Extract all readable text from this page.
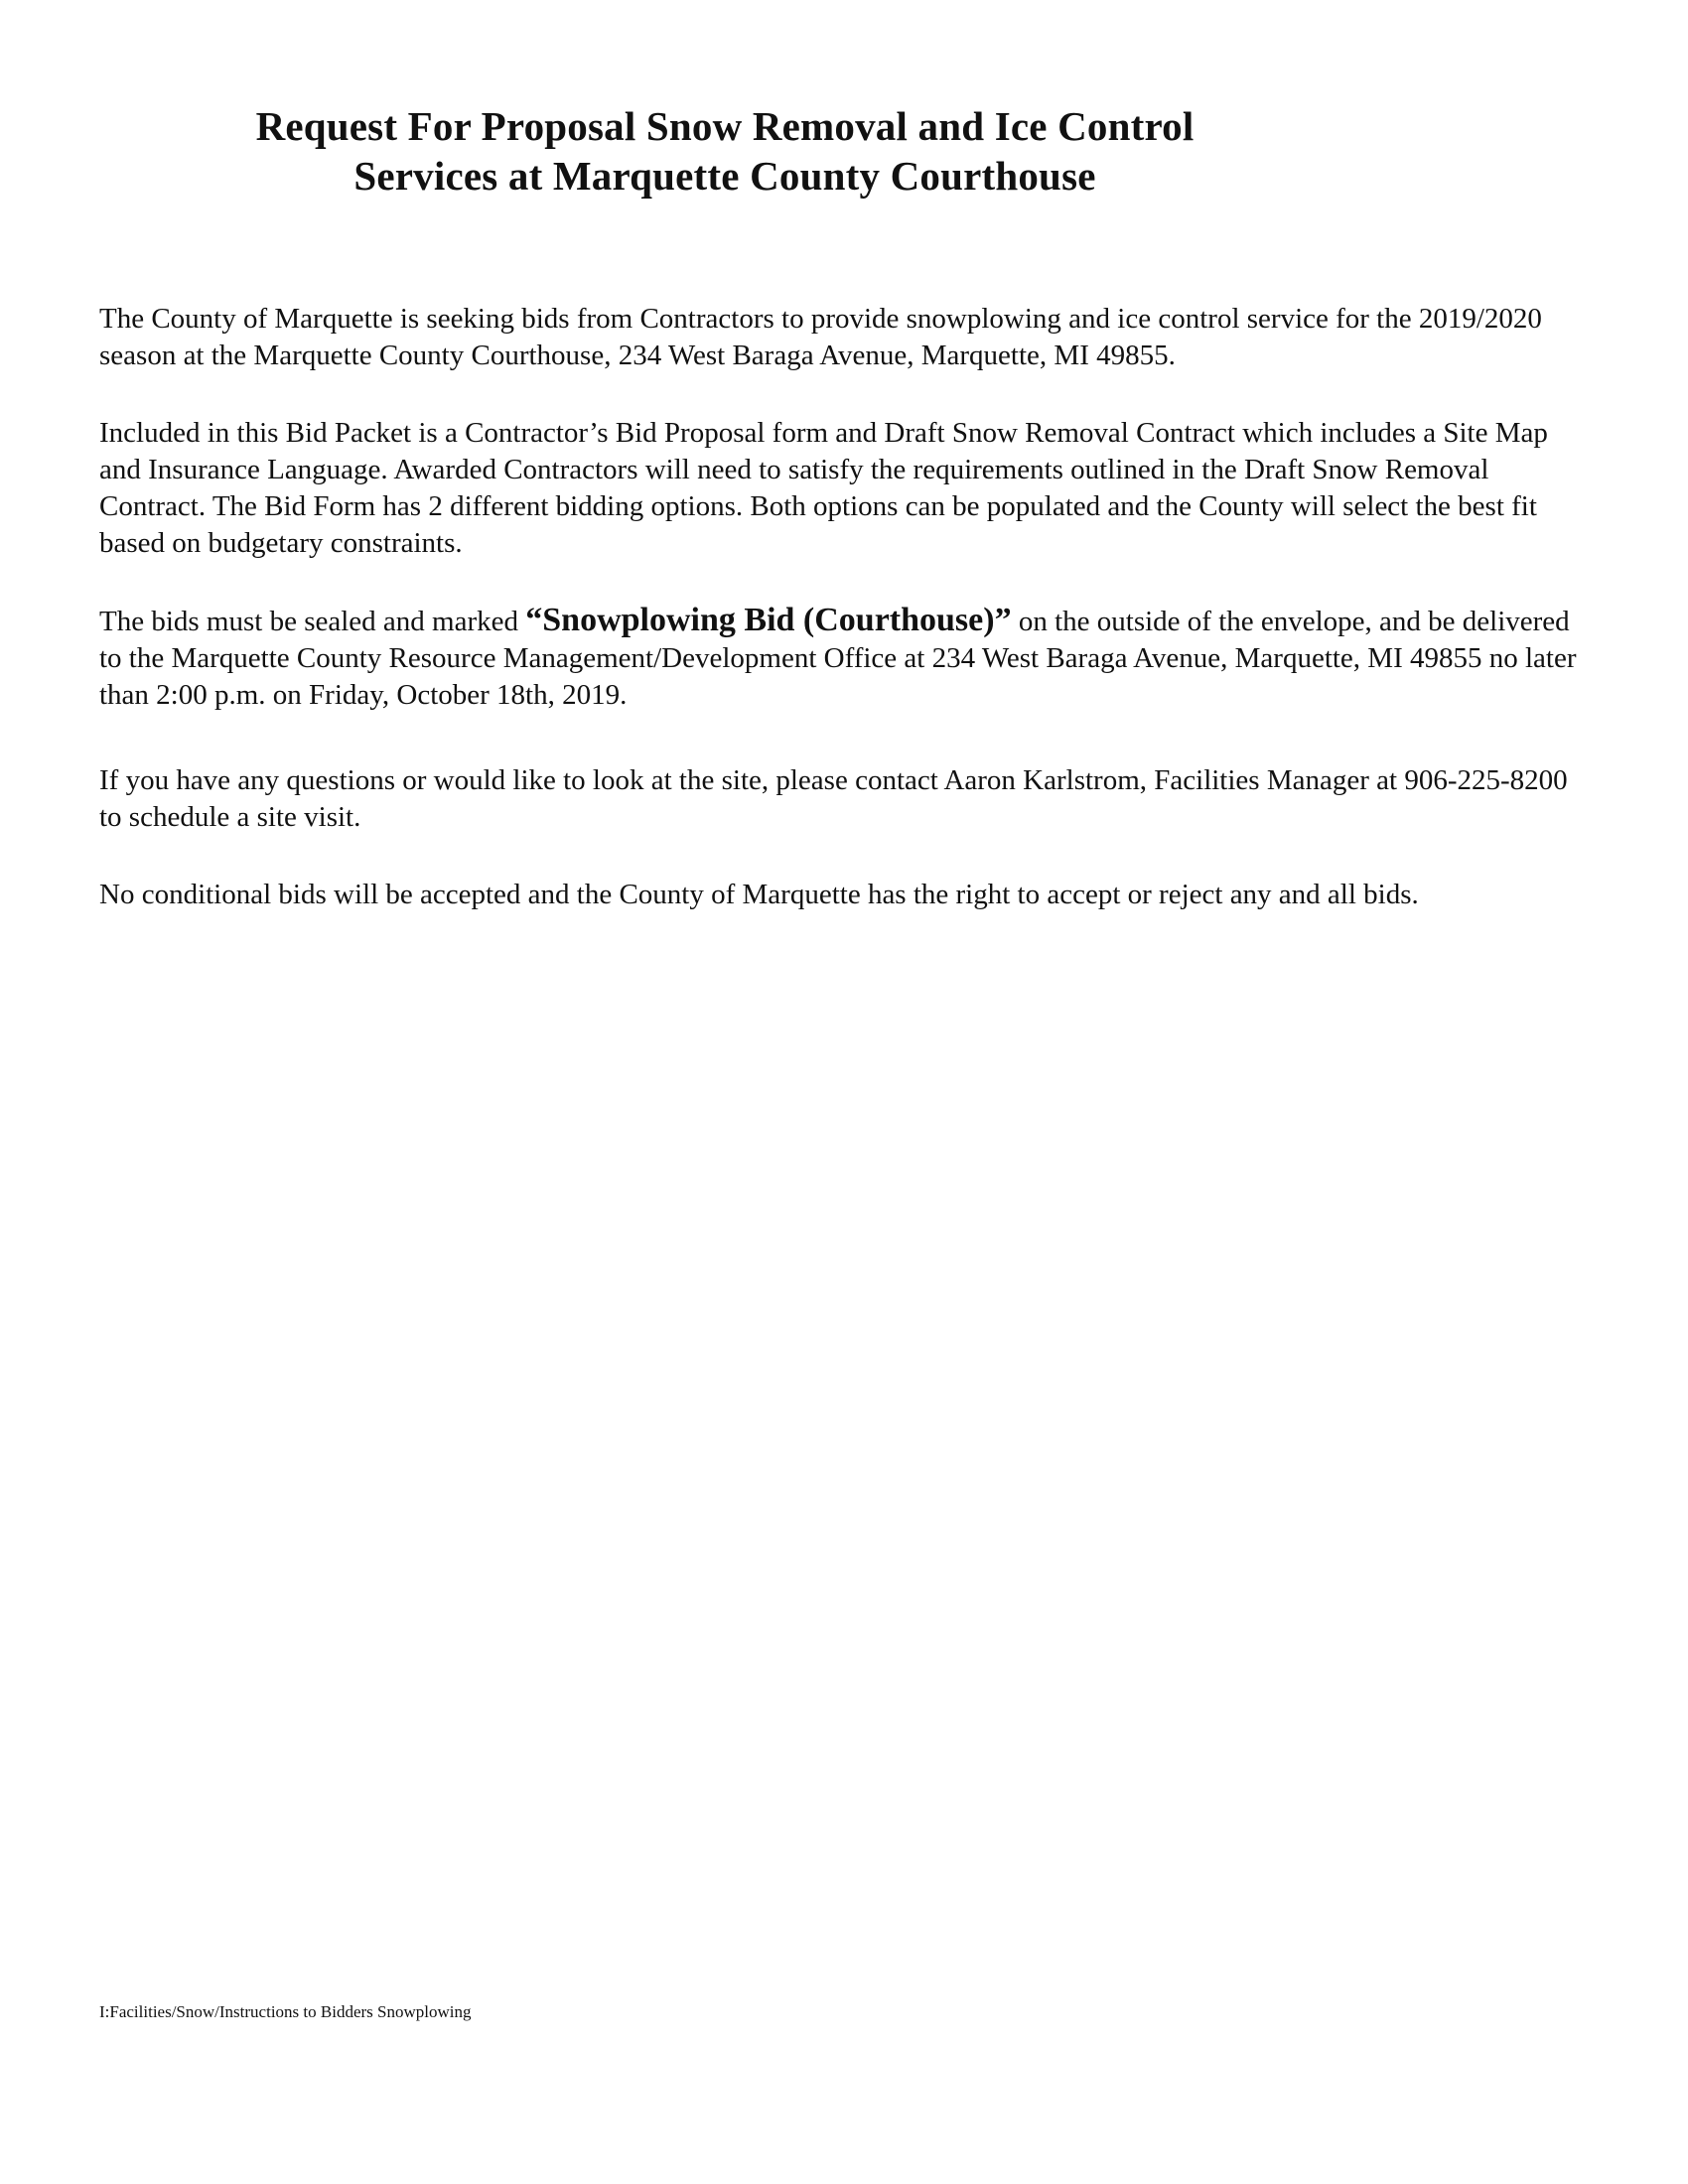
Request For Proposal Snow Removal and Ice Control
Services at Marquette County Courthouse

The County of Marquette is seeking bids from Contractors to provide snowplowing and ice control service for the 2019/2020 season at the Marquette County Courthouse, 234 West Baraga Avenue, Marquette, MI 49855.

Included in this Bid Packet is a Contractor’s Bid Proposal form and Draft Snow Removal Contract which includes a Site Map and Insurance Language. Awarded Contractors will need to satisfy the requirements outlined in the Draft Snow Removal Contract. The Bid Form has 2 different bidding options. Both options can be populated and the County will select the best fit based on budgetary constraints.

The bids must be sealed and marked “Snowplowing Bid (Courthouse)” on the outside of the envelope, and be delivered to the Marquette County Resource Management/Development Office at 234 West Baraga Avenue, Marquette, MI 49855 no later than 2:00 p.m. on Friday, October 18th, 2019.

If you have any questions or would like to look at the site, please contact Aaron Karlstrom, Facilities Manager at 906-225-8200 to schedule a site visit.

No conditional bids will be accepted and the County of Marquette has the right to accept or reject any and all bids.

I:Facilities/Snow/Instructions to Bidders Snowplowing
